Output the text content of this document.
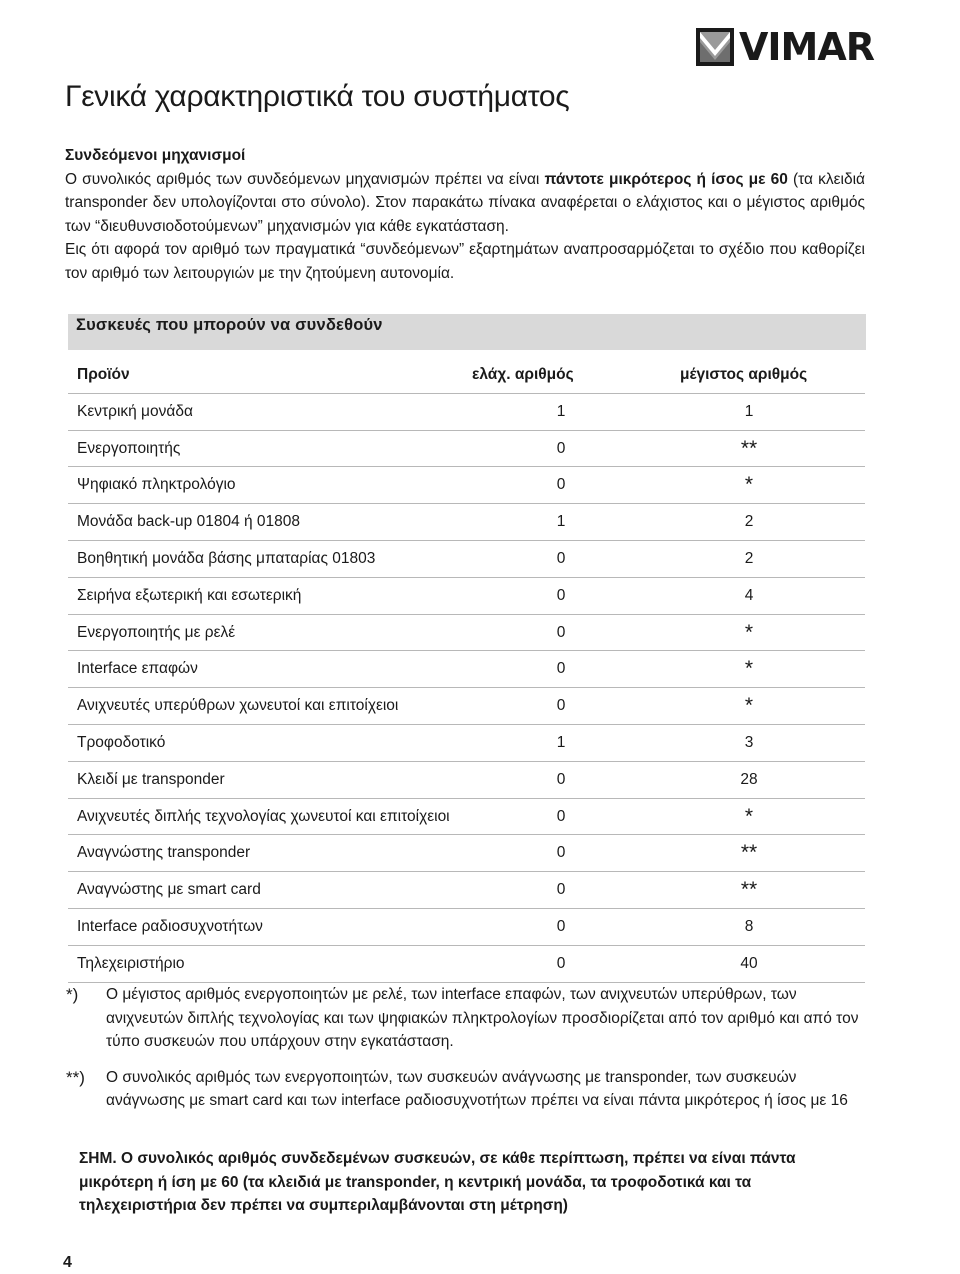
VIMAR
Γενικά χαρακτηριστικά του συστήματος
Συνδεόμενοι μηχανισμοί

Ο συνολικός αριθμός των συνδεόμενων μηχανισμών πρέπει να είναι πάντοτε μικρότερος ή ίσος με 60 (τα κλειδιά transponder δεν υπολογίζονται στο σύνολο). Στον παρακάτω πίνακα αναφέρεται ο ελάχιστος και ο μέγιστος αριθμός των “διευθυνσιοδοτούμενων” μηχανισμών για κάθε εγκατάσταση.

Εις ότι αφορά τον αριθμό των πραγματικά “συνδεόμενων” εξαρτημάτων αναπροσαρμόζεται το σχέδιο που καθορίζει τον αριθμό των λειτουργιών με την ζητούμενη αυτονομία.

Συσκευές που μπορούν να συνδεθούν
Προϊόν	ελάχ. αριθμός	μέγιστος αριθμός
Κεντρική μονάδα	1	1
Ενεργοποιητής	0	**
Ψηφιακό πληκτρολόγιο	0	*
Μονάδα back-up 01804 ή 01808	1	2
Βοηθητική μονάδα βάσης μπαταρίας 01803	0	2
Σειρήνα εξωτερική και εσωτερική	0	4
Ενεργοποιητής με ρελέ	0	*
Interface επαφών	0	*
Ανιχνευτές υπερύθρων χωνευτοί και επιτοίχειοι	0	*
Τροφοδοτικό	1	3
Κλειδί με transponder	0	28
Ανιχνευτές διπλής τεχνολογίας χωνευτοί και επιτοίχειοι	0	*
Αναγνώστης transponder	0	**
Αναγνώστης με smart card	0	**
Interface ραδιοσυχνοτήτων	0	8
Τηλεχειριστήριο	0	40
*) Ο μέγιστος αριθμός ενεργοποιητών με ρελέ, των interface επαφών, των ανιχνευτών υπερύθρων, των ανιχνευτών διπλής τεχνολογίας και των ψηφιακών πληκτρολογίων προσδιορίζεται από τον αριθμό και από τον τύπο συσκευών που υπάρχουν στην εγκατάσταση.
**) Ο συνολικός αριθμός των ενεργοποιητών, των συσκευών ανάγνωσης με transponder, των συσκευών ανάγνωσης με smart card και των interface ραδιοσυχνοτήτων πρέπει να είναι πάντα μικρότερος ή ίσος με 16

ΣΗΜ. Ο συνολικός αριθμός συνδεδεμένων συσκευών, σε κάθε περίπτωση, πρέπει να είναι πάντα μικρότερη ή ίση με 60 (τα κλειδιά με transponder, η κεντρική μονάδα, τα τροφοδοτικά και τα τηλεχειριστήρια δεν πρέπει να συμπεριλαμβάνονται στη μέτρηση)

4
